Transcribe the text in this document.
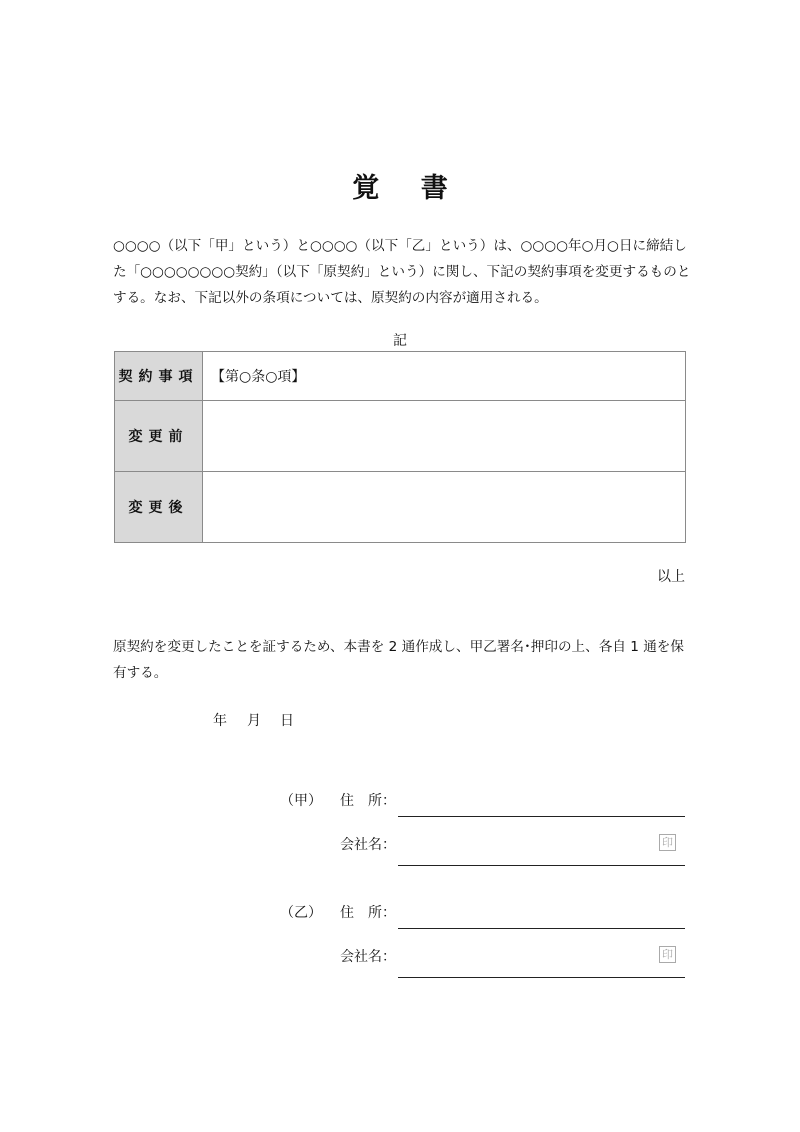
覚 書

○○○○（以下「甲」という）と○○○○（以下「乙」という）は、○○○○年○月○日に締結した「○○○○○○○○契約」（以下「原契約」という）に関し、下記の契約事項を変更するものとする。なお、下記以外の条項については、原契約の内容が適用される。

記
契約事項	【第○条○項】
変更前	
変更後	
以上

原契約を変更したことを証するため、本書を 2 通作成し、甲乙署名･押印の上、各自 1 通を保有する。

年 月 日
（甲） 住　所：
会社名：	印
（乙） 住　所：
会社名：	印
